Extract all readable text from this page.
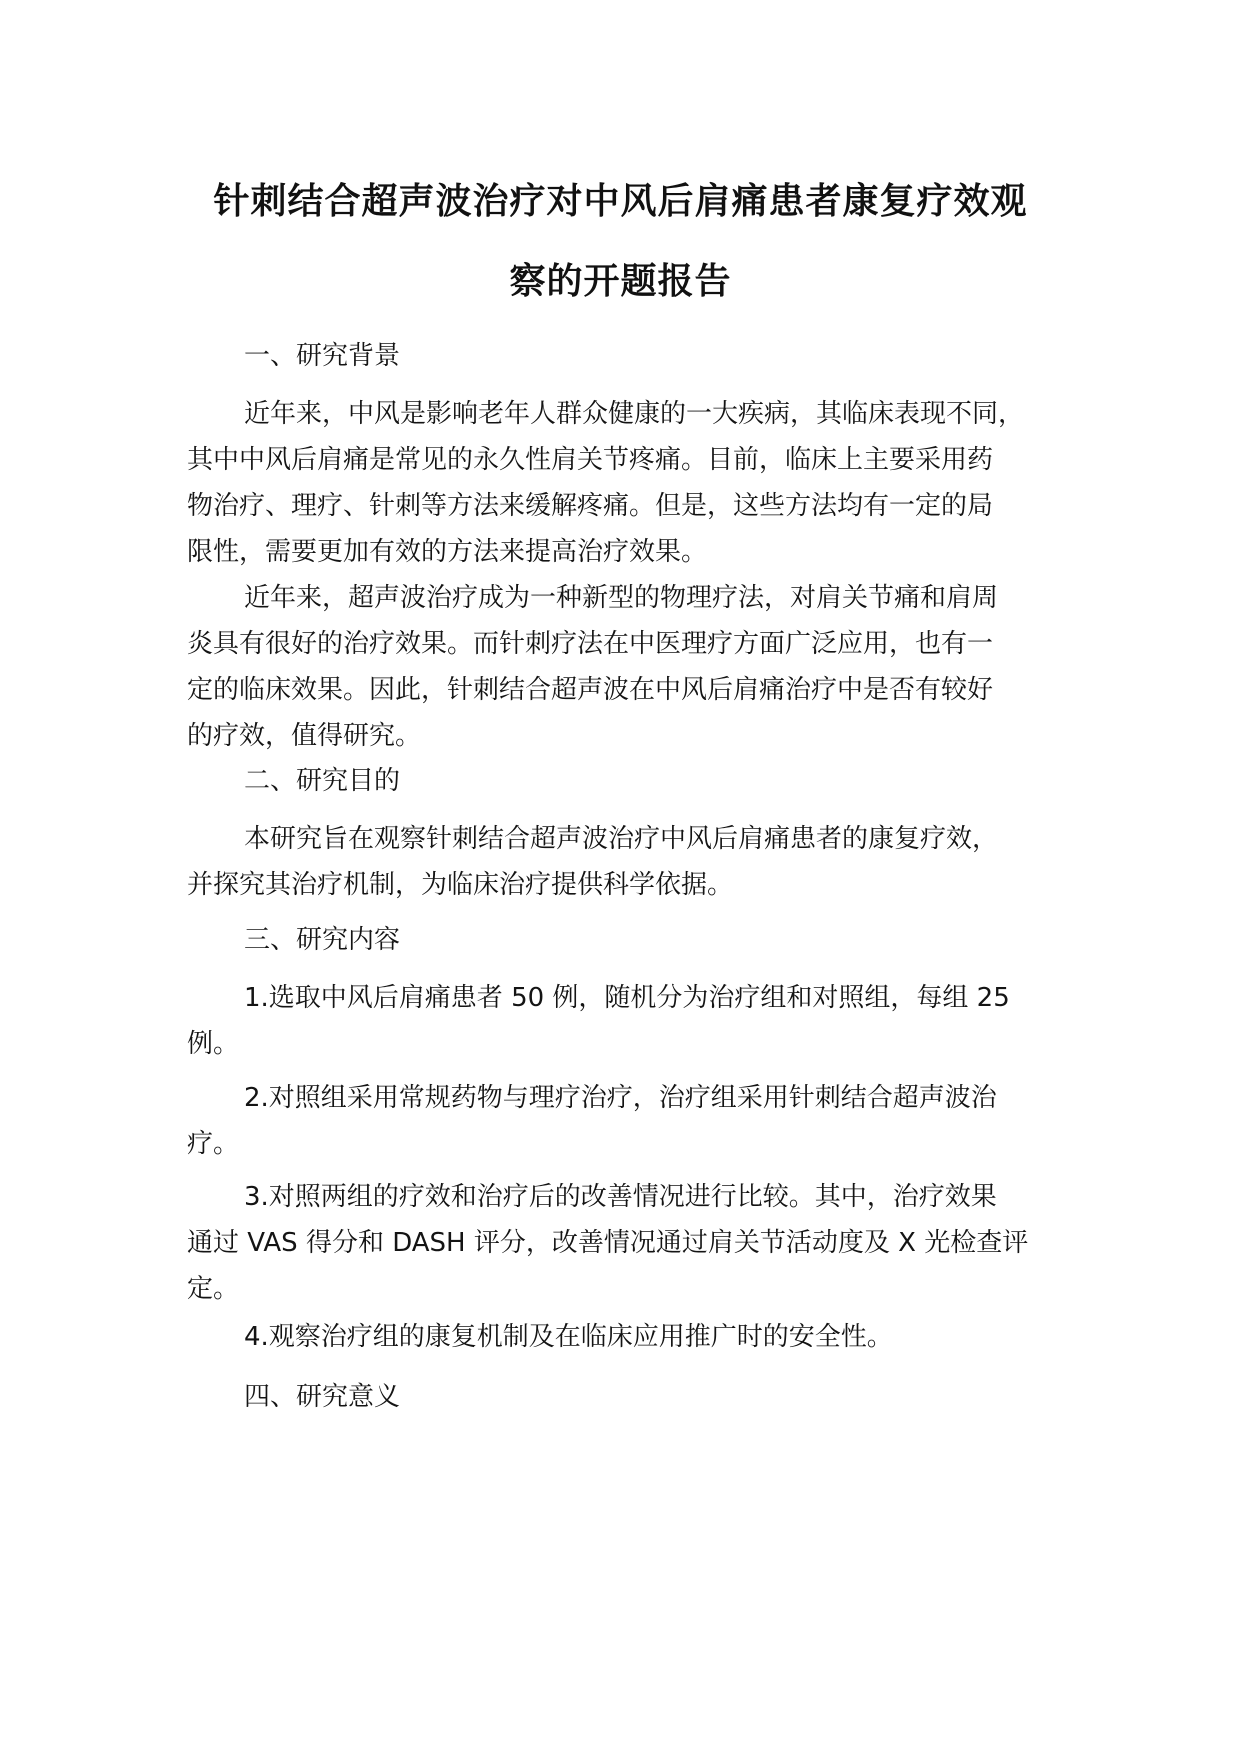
针刺结合超声波治疗对中风后肩痛患者康复疗效观
察的开题报告
一、研究背景
近年来，中风是影响老年人群众健康的一大疾病，其临床表现不同，
其中中风后肩痛是常见的永久性肩关节疼痛。目前，临床上主要采用药
物治疗、理疗、针刺等方法来缓解疼痛。但是，这些方法均有一定的局
限性，需要更加有效的方法来提高治疗效果。
近年来，超声波治疗成为一种新型的物理疗法，对肩关节痛和肩周
炎具有很好的治疗效果。而针刺疗法在中医理疗方面广泛应用，也有一
定的临床效果。因此，针刺结合超声波在中风后肩痛治疗中是否有较好
的疗效，值得研究。
二、研究目的
本研究旨在观察针刺结合超声波治疗中风后肩痛患者的康复疗效，
并探究其治疗机制，为临床治疗提供科学依据。
三、研究内容
1.选取中风后肩痛患者 50 例，随机分为治疗组和对照组，每组 25
例。
2.对照组采用常规药物与理疗治疗，治疗组采用针刺结合超声波治
疗。
3.对照两组的疗效和治疗后的改善情况进行比较。其中，治疗效果
通过 VAS 得分和 DASH 评分，改善情况通过肩关节活动度及 X 光检查评
定。
4.观察治疗组的康复机制及在临床应用推广时的安全性。
四、研究意义
